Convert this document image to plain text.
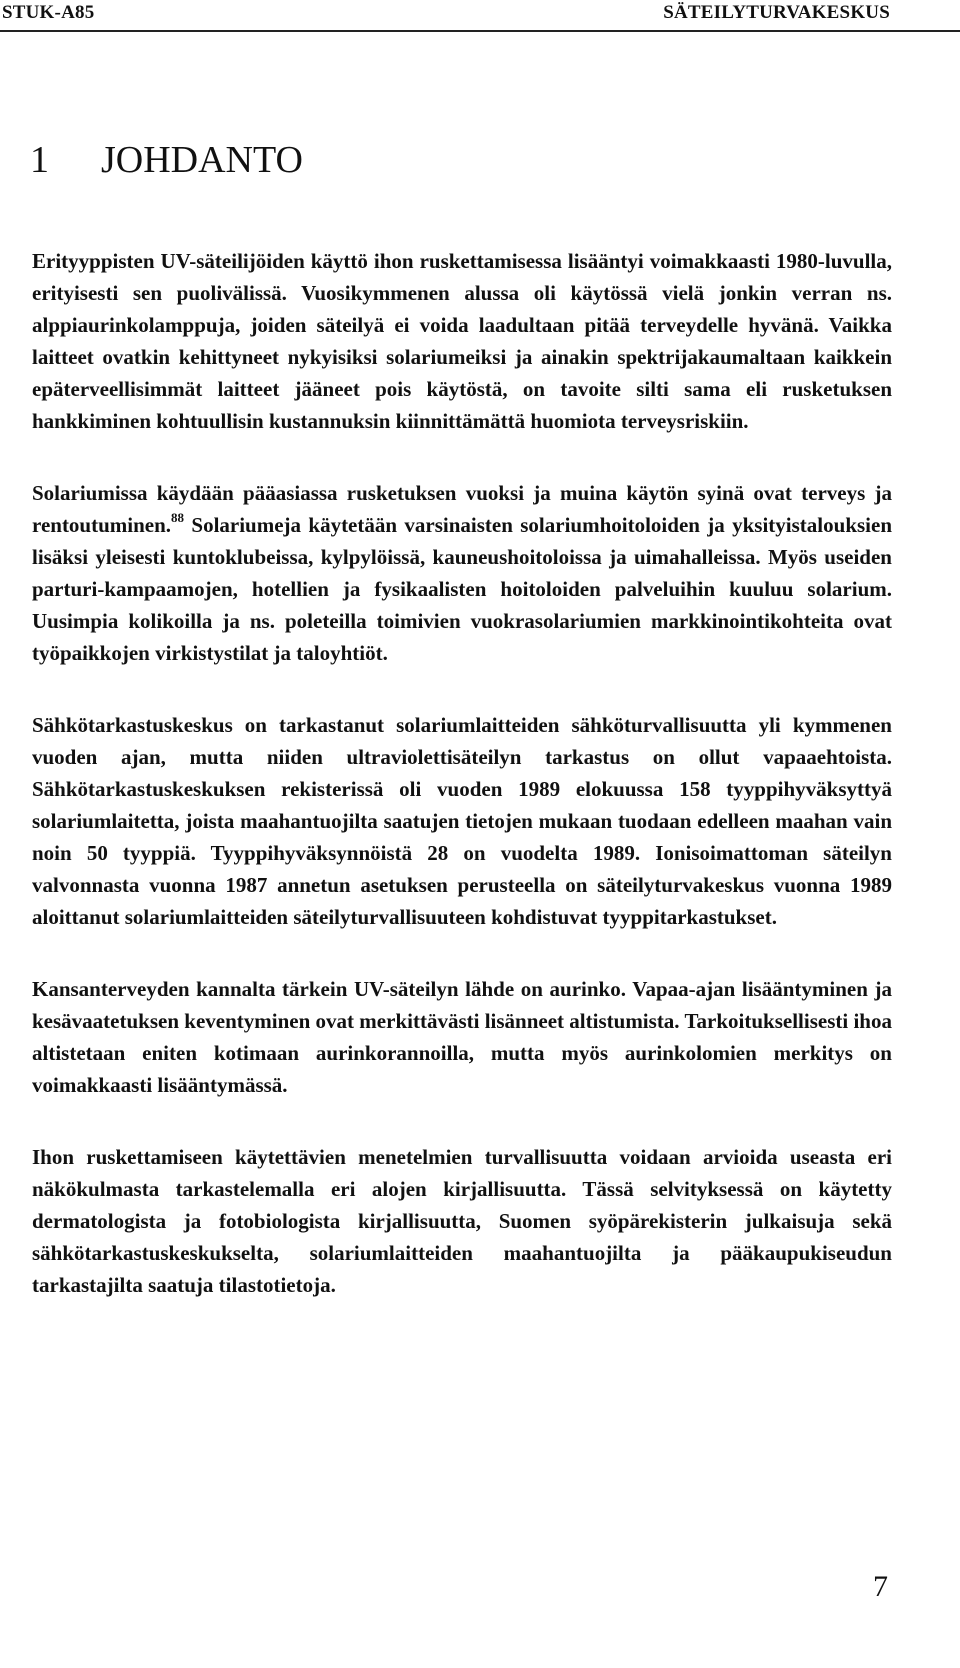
STUK-A85	SÄTEILYTURVAKESKUS
1 JOHDANTO

Erityyppisten UV-säteilijöiden käyttö ihon ruskettamisessa lisääntyi voimakkaasti 1980-luvulla, erityisesti sen puolivälissä. Vuosikymmenen alussa oli käytössä vielä jonkin verran ns. alppiaurinkolamppuja, joiden säteilyä ei voida laadultaan pitää terveydelle hyvänä. Vaikka laitteet ovatkin kehittyneet nykyisiksi solariumeiksi ja ainakin spektrijakaumaltaan kaikkein epäterveellisimmät laitteet jääneet pois käytöstä, on tavoite silti sama eli rusketuksen hankkiminen kohtuullisin kustannuksin kiinnittämättä huomiota terveysriskiin.

Solariumissa käydään pääasiassa rusketuksen vuoksi ja muina käytön syinä ovat terveys ja rentoutuminen.$^{88}$ Solariumeja käytetään varsinaisten solariumhoitoloiden ja yksityistalouksien lisäksi yleisesti kuntoklubeissa, kylpylöissä, kauneushoitoloissa ja uimahalleissa. Myös useiden parturi-kampaamojen, hotellien ja fysikaalisten hoitoloiden palveluihin kuuluu solarium. Uusimpia kolikoilla ja ns. poleteilla toimivien vuokrasolariumien markkinointikohteita ovat työpaikkojen virkistystilat ja taloyhtiöt.

Sähkötarkastuskeskus on tarkastanut solariumlaitteiden sähköturvallisuutta yli kymmenen vuoden ajan, mutta niiden ultraviolettisäteilyn tarkastus on ollut vapaaehtoista. Sähkötarkastuskeskuksen rekisterissä oli vuoden 1989 elokuussa 158 tyyppihyväksyttyä solariumlaitetta, joista maahantuojilta saatujen tietojen mukaan tuodaan edelleen maahan vain noin 50 tyyppiä. Tyyppihyväksynnöistä 28 on vuodelta 1989. Ionisoimattoman säteilyn valvonnasta vuonna 1987 annetun asetuksen perusteella on säteilyturvakeskus vuonna 1989 aloittanut solariumlaitteiden säteilyturvallisuuteen kohdistuvat tyyppitarkastukset.

Kansanterveyden kannalta tärkein UV-säteilyn lähde on aurinko. Vapaa-ajan lisääntyminen ja kesävaatetuksen keventyminen ovat merkittävästi lisänneet altistumista. Tarkoituksellisesti ihoa altistetaan eniten kotimaan aurinkorannoilla, mutta myös aurinkolomien merkitys on voimakkaasti lisääntymässä.

Ihon ruskettamiseen käytettävien menetelmien turvallisuutta voidaan arvioida useasta eri näkökulmasta tarkastelemalla eri alojen kirjallisuutta. Tässä selvityksessä on käytetty dermatologista ja fotobiologista kirjallisuutta, Suomen syöpärekisterin julkaisuja sekä sähkötarkastuskeskukselta, solariumlaitteiden maahantuojilta ja pääkaupukiseudun tarkastajilta saatuja tilastotietoja.

7
